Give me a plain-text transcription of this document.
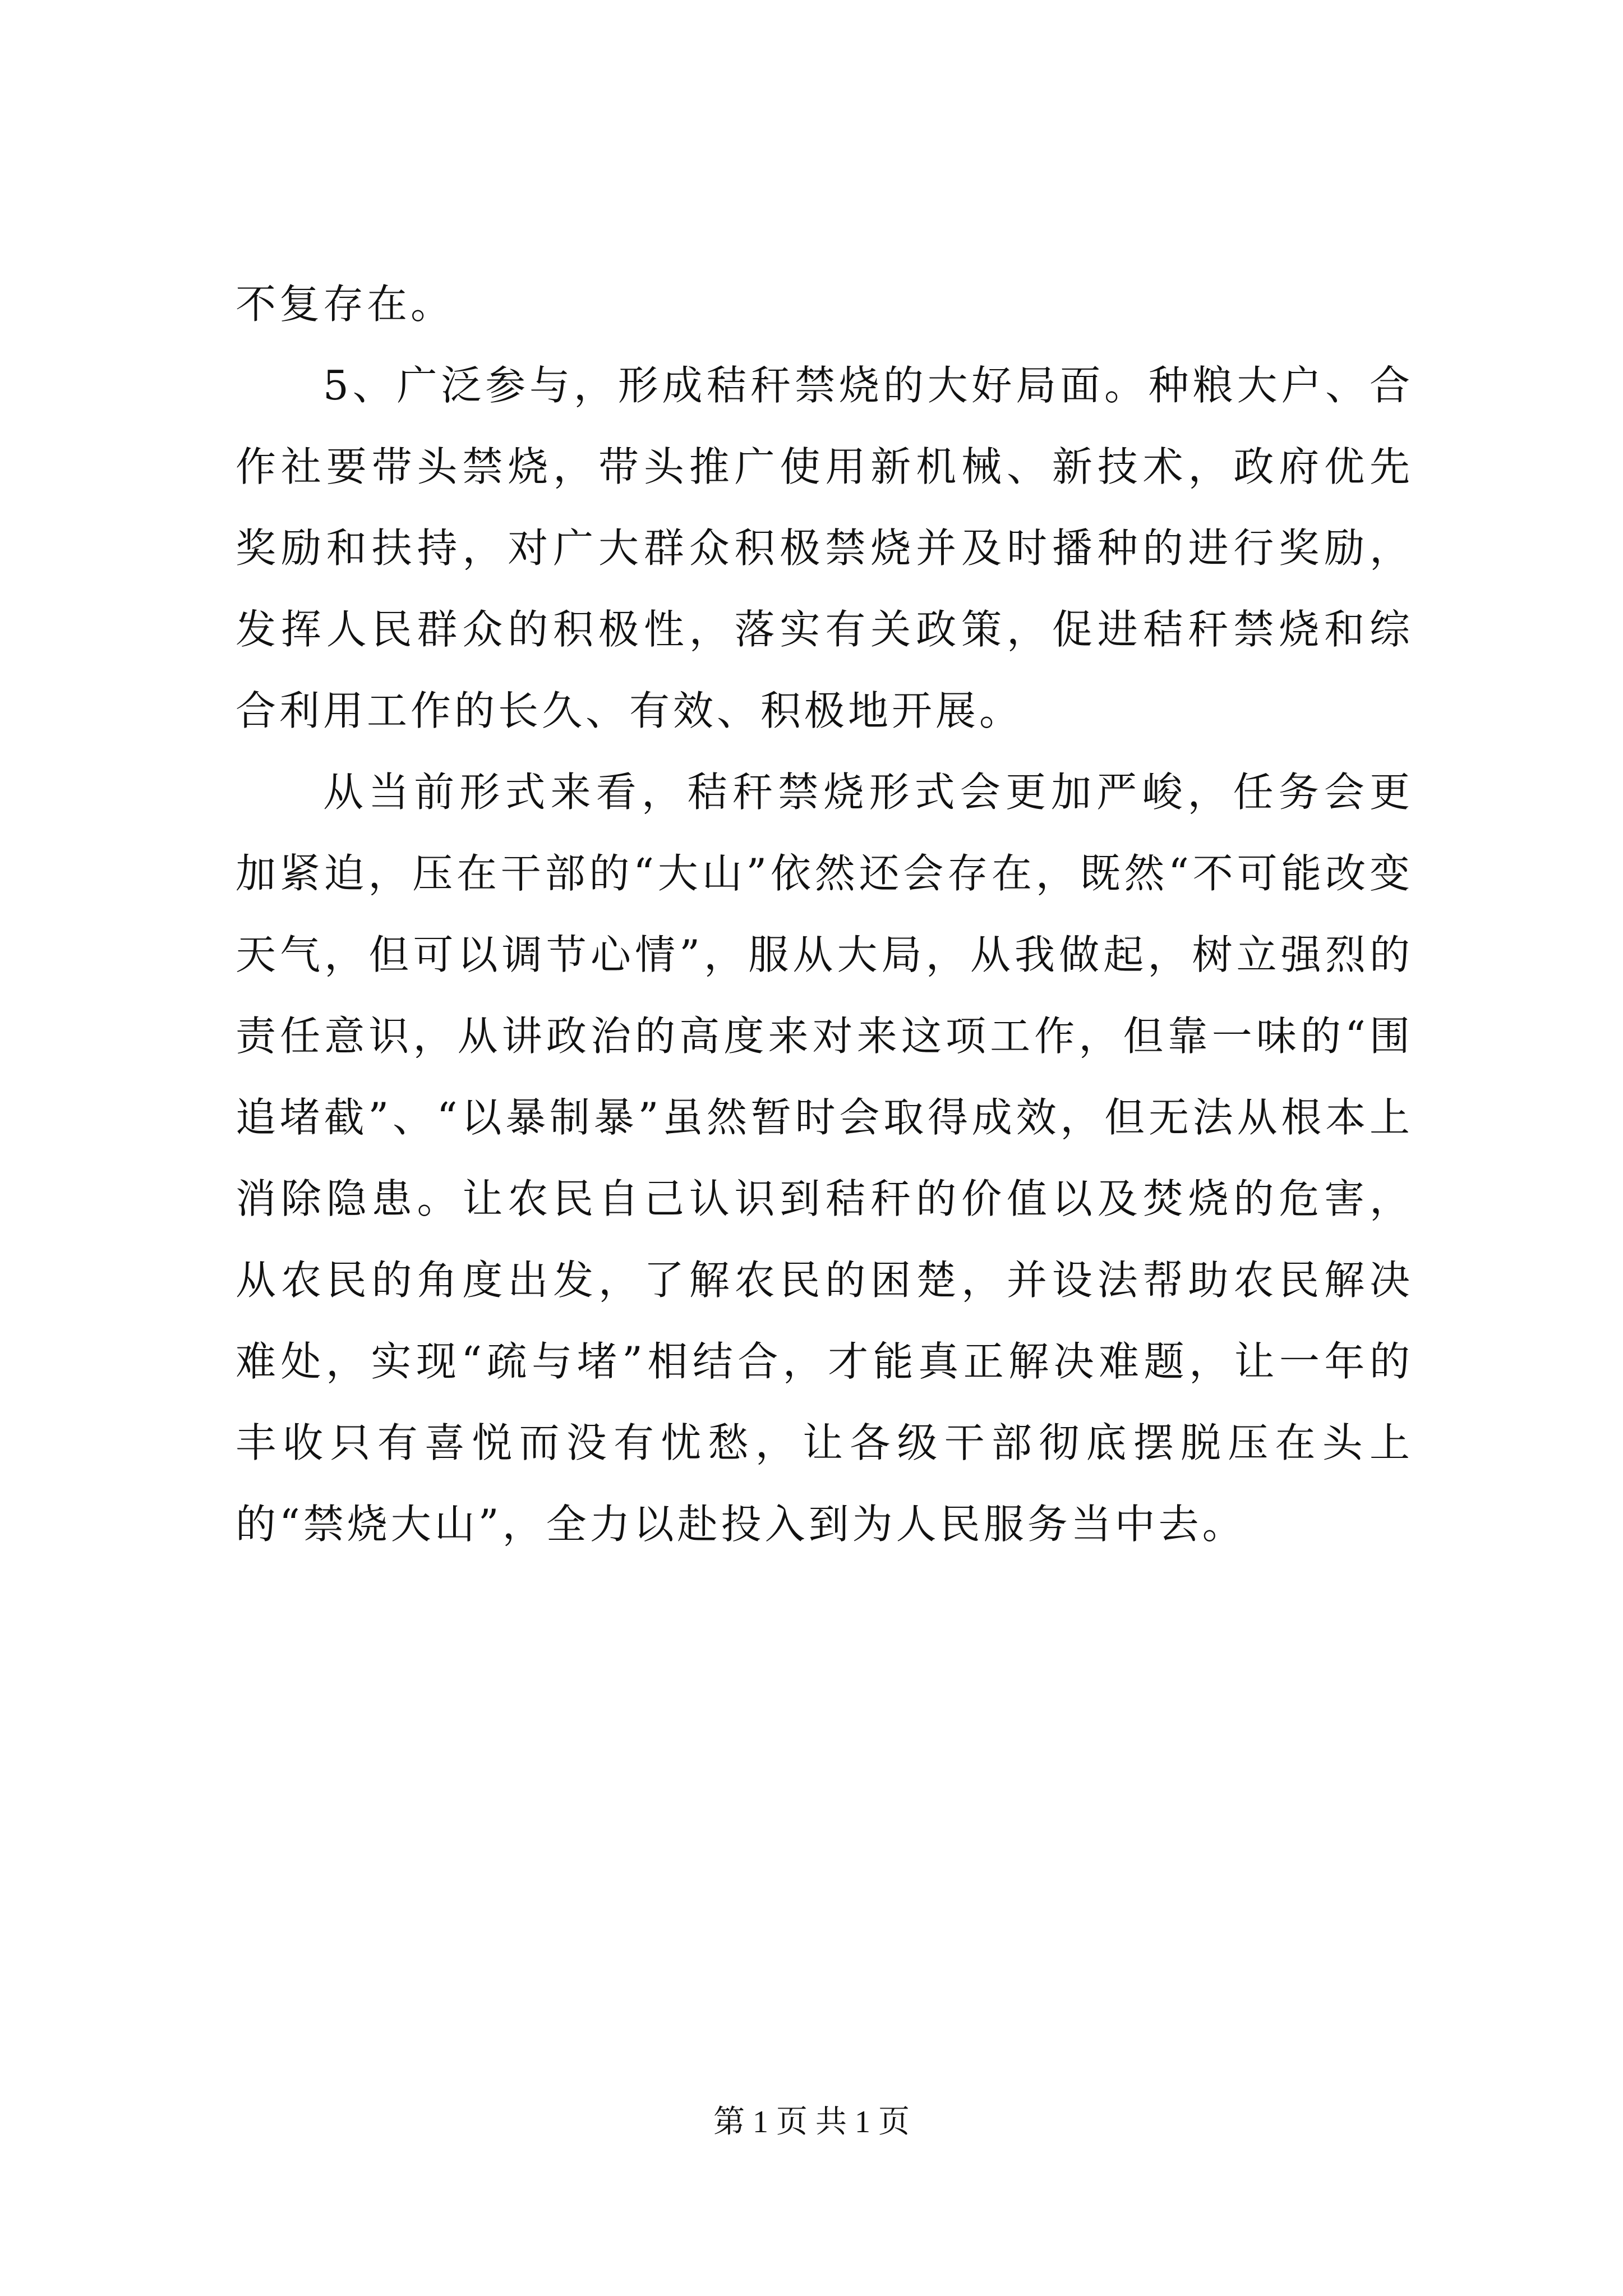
不复存在。

5、广泛参与，形成秸秆禁烧的大好局面。种粮大户、合作社要带头禁烧，带头推广使用新机械、新技术，政府优先奖励和扶持，对广大群众积极禁烧并及时播种的进行奖励，发挥人民群众的积极性，落实有关政策，促进秸秆禁烧和综合利用工作的长久、有效、积极地开展。

从当前形式来看，秸秆禁烧形式会更加严峻，任务会更加紧迫，压在干部的“大山”依然还会存在，既然“不可能改变天气，但可以调节心情”，服从大局，从我做起，树立强烈的责任意识，从讲政治的高度来对来这项工作，但靠一味的“围追堵截”、“以暴制暴”虽然暂时会取得成效，但无法从根本上消除隐患。让农民自己认识到秸秆的价值以及焚烧的危害，从农民的角度出发，了解农民的困楚，并设法帮助农民解决难处，实现“疏与堵”相结合，才能真正解决难题，让一年的丰收只有喜悦而没有忧愁，让各级干部彻底摆脱压在头上的“禁烧大山”，全力以赴投入到为人民服务当中去。

第 1 页 共 1 页
